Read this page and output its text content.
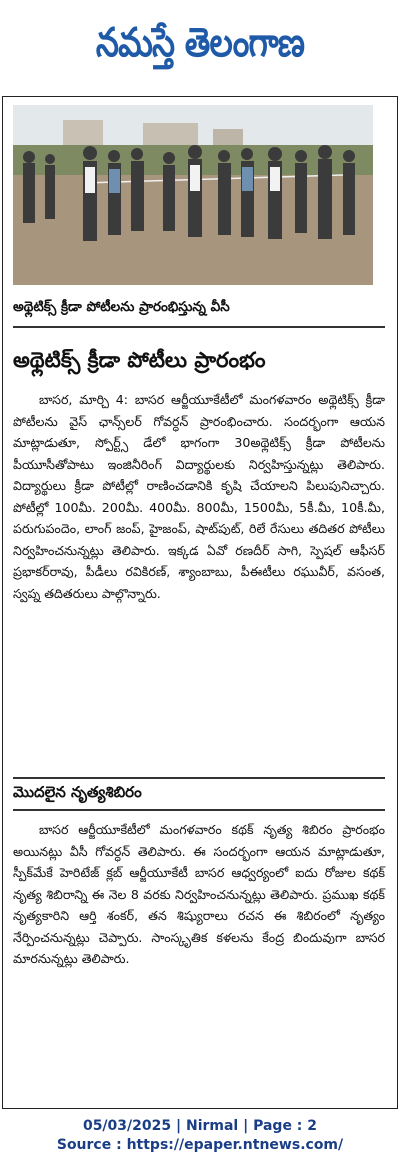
నమస్తే తెలంగాణ
అథ్లెటిక్స్ క్రీడా పోటీలను ప్రారంభిస్తున్న వీసీ
అథ్లెటిక్స్ క్రీడా పోటీలు ప్రారంభం

బాసర, మార్చి 4: బాసర ఆర్జీయూకేటీలో మంగళవారం అథ్లెటిక్స్ క్రీడా పోటీలను వైస్ ఛాన్స్‌లర్ గోవర్ధన్ ప్రారంభించారు. సందర్భంగా ఆయన మాట్లాడుతూ, స్పోర్ట్స్ డేలో భాగంగా 30అథ్లెటిక్స్ క్రీడా పోటీలను పీయూసీతోపాటు ఇంజినీరింగ్ విద్యార్థులకు నిర్వహిస్తున్నట్లు తెలిపారు. విద్యార్థులు క్రీడా పోటీల్లో రాణించడానికి కృషి చేయాలని పిలుపునిచ్చారు. పోటీల్లో 100మీ. 200మీ. 400మీ. 800మీ, 1500మీ, 5కీ.మీ, 10కీ.మీ, పరుగుపందెం, లాంగ్ జంప్, హైజంప్, షాట్‌పుట్, రిలే రేసులు తదితర పోటీలు నిర్వహించనున్నట్లు తెలిపారు. ఇక్కడ ఏవో రణదీర్ సాగి, స్పెషల్ ఆఫీసర్ ప్రభాకర్‌రావు, పీడీలు రవికిరణ్, శ్యాంబాబు, పీఈటీలు రఘువీర్, వసంత, స్వప్న తదితరులు పాల్గొన్నారు.

మొదలైన నృత్యశిబిరం

బాసర ఆర్జీయూకేటీలో మంగళవారం కథక్ నృత్య శిబిరం ప్రారంభం అయినట్లు వీసీ గోవర్ధన్ తెలిపారు. ఈ సందర్భంగా ఆయన మాట్లాడుతూ, స్పీక్‌మేకే హెరిటేజ్ క్లబ్ ఆర్జీయూకేటీ బాసర ఆధ్వర్యంలో ఐదు రోజుల కథక్ నృత్య శిబిరాన్ని ఈ నెల 8 వరకు నిర్వహించనున్నట్లు తెలిపారు. ప్రముఖ కథక్ నృత్యకారిని ఆర్తి శంకర్, తన శిష్యురాలు రచన ఈ శిబిరంలో నృత్యం నేర్పించనున్నట్లు చెప్పారు. సాంస్కృతిక కళలను కేంద్ర బిందువుగా బాసర మారనున్నట్లు తెలిపారు.

05/03/2025 | Nirmal | Page : 2
Source : https://epaper.ntnews.com/
